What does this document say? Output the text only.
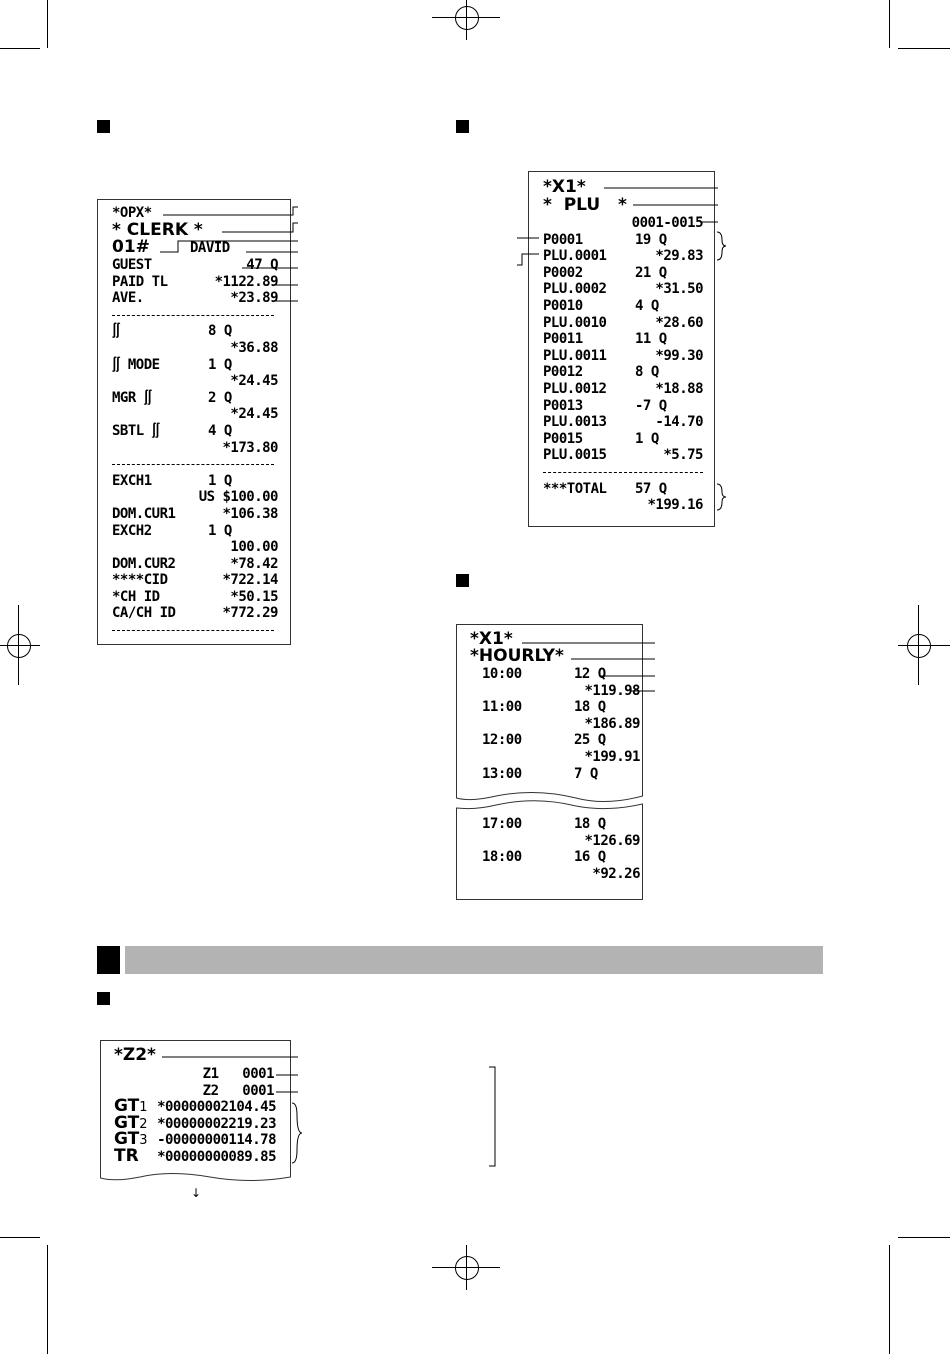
*OPX*

* CLERK *

01#

	DAVID

GUEST	47 Q
PAID TL	*1122.89
AVE.	*23.89
∬	8 Q
*36.88
∬ MODE	1 Q
*24.45
MGR ∬	2 Q
*24.45
SBTL ∬	4 Q
*173.80
EXCH1	1 Q
US $100.00
DOM.CUR1	*106.38
EXCH2	1 Q
100.00
DOM.CUR2	*78.42
****CID	*722.14
*CH ID	*50.15
CA/CH ID	*772.29

*X1*

*  PLU   *

0001-0015

P0001	19 Q
PLU.0001	*29.83
P0002	21 Q
PLU.0002	*31.50
P0010	4 Q
PLU.0010	*28.60
P0011	11 Q
PLU.0011	*99.30
P0012	8 Q
PLU.0012	*18.88
P0013	-7 Q
PLU.0013	-14.70
P0015	1 Q
PLU.0015	*5.75
***TOTAL 57 Q
*199.16

*X1*

*HOURLY*

10:00	12 Q
*119.98
11:00	18 Q
*186.89
12:00	25 Q
*199.91
13:00	7 Q
17:00	18 Q
*126.69
18:00	16 Q
*92.26

*Z2*

Z1   0001

Z2   0001

GT1 *00000002104.45
GT2 *00000002219.23
GT3 -00000000114.78
TR *00000000089.85
↓
